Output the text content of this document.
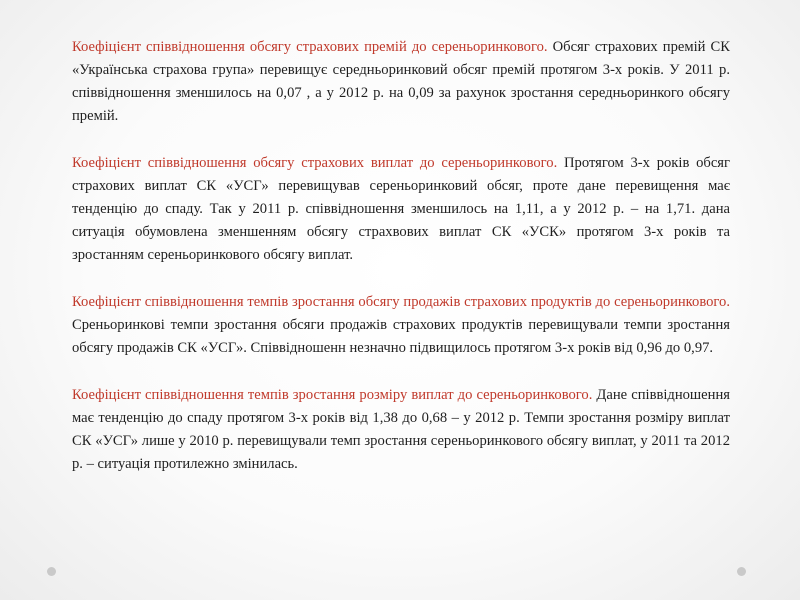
Коефіцієнт співвідношення обсягу страхових премій до сереньоринкового. Обсяг страхових премій СК «Українська страхова група» перевищує середньоринковий обсяг премій протягом 3-х років. У 2011 р. співвідношення зменшилось на 0,07 , а у 2012 р. на 0,09 за рахунок зростання середньоринкого обсягу премій.

Коефіцієнт співвідношення обсягу страхових виплат до сереньоринкового. Протягом 3-х років обсяг страхових виплат СК «УСГ» перевищував сереньоринковий обсяг, проте дане перевищення має тенденцію до спаду. Так у 2011 р. співвідношення зменшилось на 1,11, а у 2012 р. – на 1,71. дана ситуація обумовлена зменшенням обсягу страхвових виплат СК «УСК» протягом 3-х років та зростанням сереньоринкового обсягу виплат.

Коефіцієнт співвідношення темпів зростання обсягу продажів страхових продуктів до сереньоринкового. Среньоринкові темпи зростання обсяги продажів страхових продуктів перевищували темпи зростання обсягу продажів СК «УСГ». Співвідношенн незначно підвищилось протягом 3-х років від 0,96 до 0,97.

Коефіцієнт співвідношення темпів зростання розміру виплат до сереньоринкового. Дане співвідношення має тенденцію до спаду протягом 3-х років від 1,38 до 0,68 – у 2012 р. Темпи зростання розміру виплат СК «УСГ» лише у 2010 р. перевищували темп зростання сереньоринкового обсягу виплат, у 2011 та 2012 р. – ситуація протилежно змінилась.
